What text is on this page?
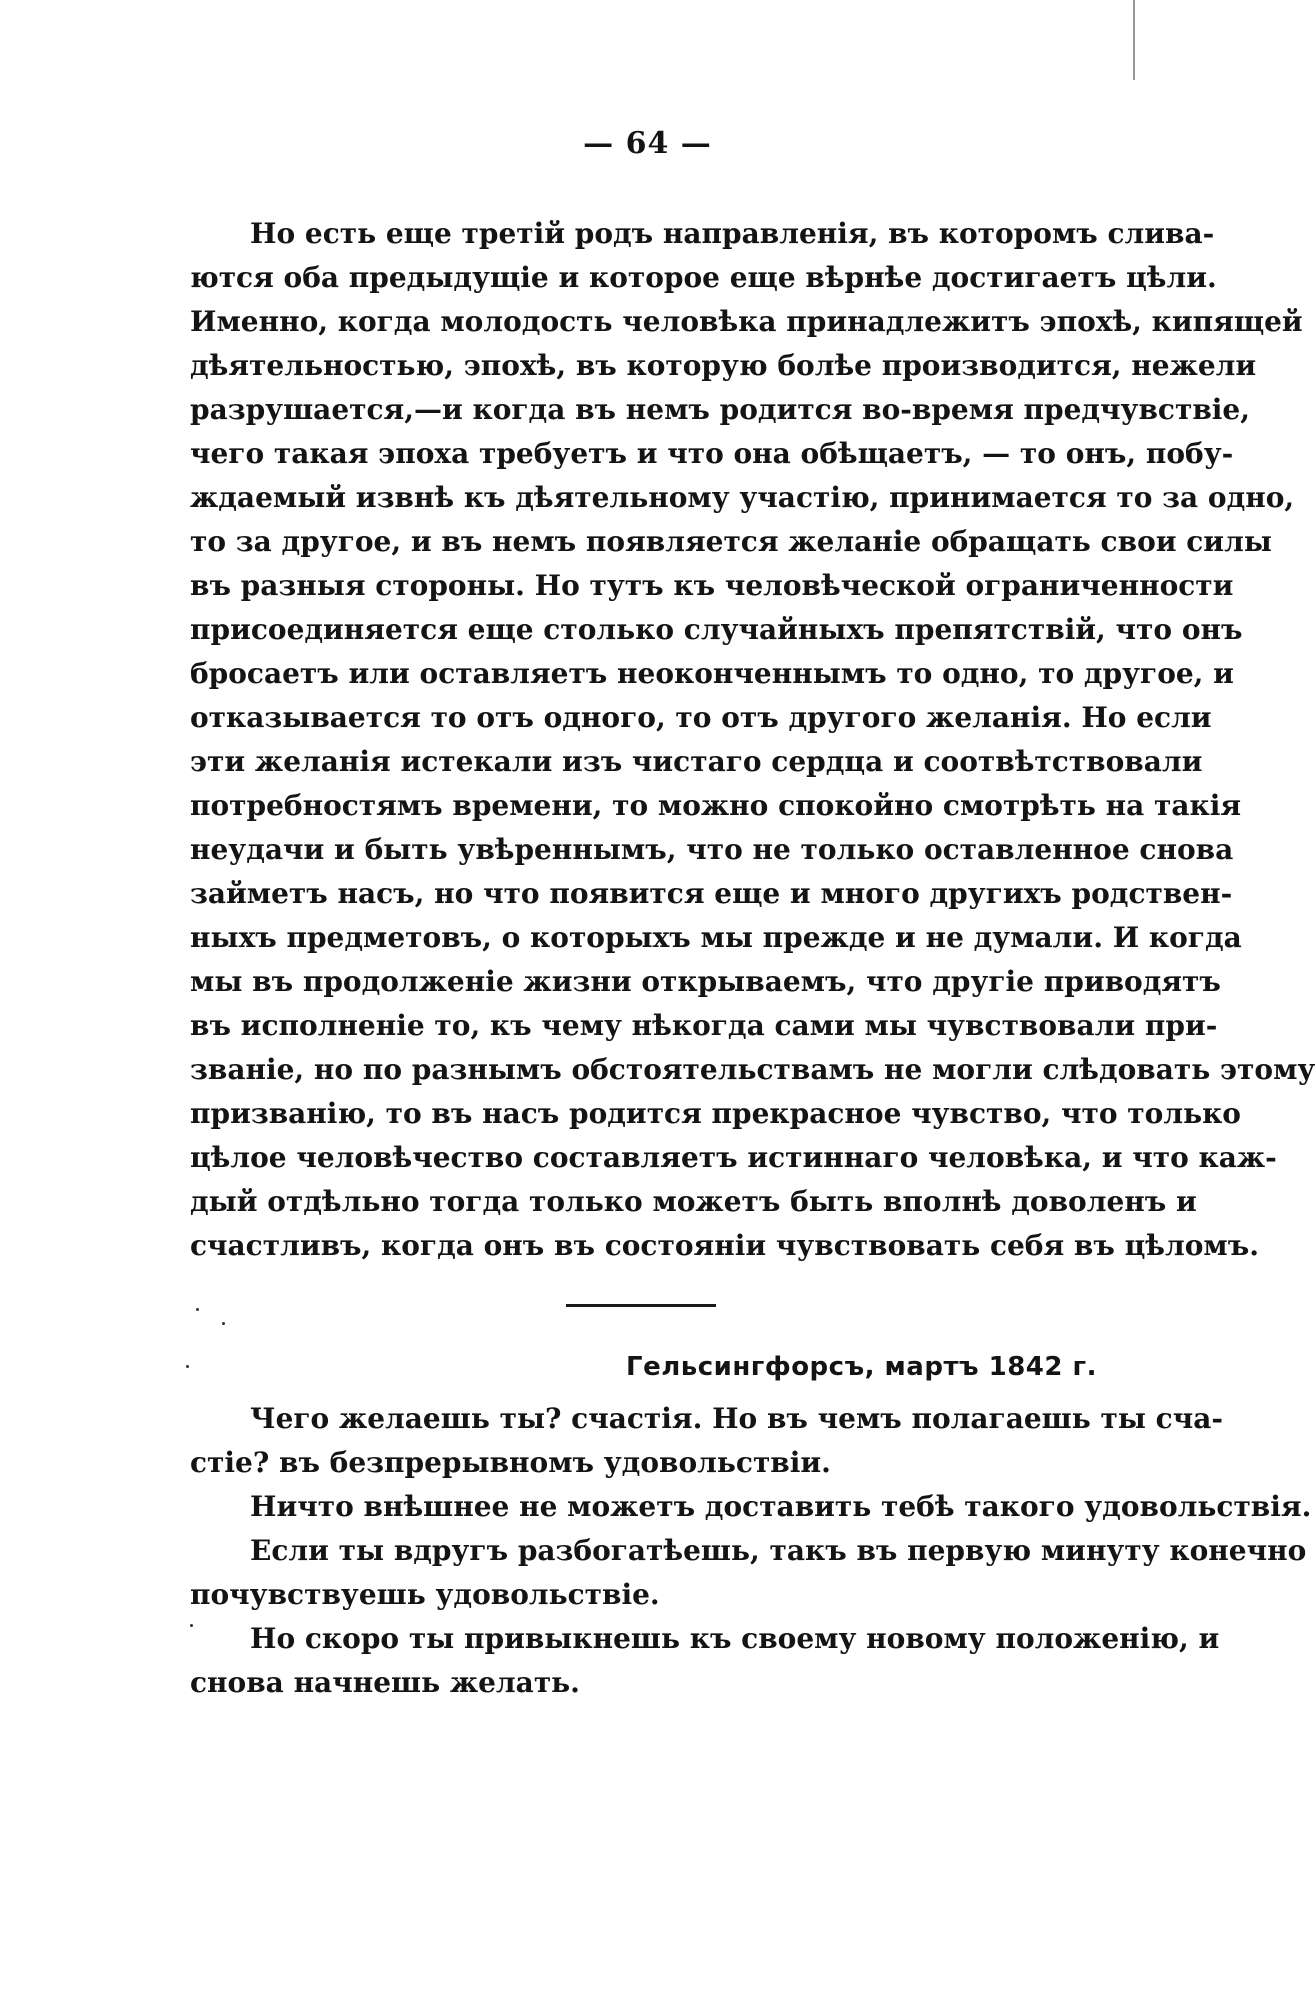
— 64 —
Но есть еще третій родъ направленія, въ которомъ слива-
ются оба предыдущіе и которое еще вѣрнѣе достигаетъ цѣли.
Именно, когда молодость человѣка принадлежитъ эпохѣ, кипящей
дѣятельностью, эпохѣ, въ которую болѣе производится, нежели
разрушается,—и когда въ немъ родится во-время предчувствіе,
чего такая эпоха требуетъ и что она обѣщаетъ, — то онъ, побу-
ждаемый извнѣ къ дѣятельному участію, принимается то за одно,
то за другое, и въ немъ появляется желаніе обращать свои силы
въ разныя стороны. Но тутъ къ человѣческой ограниченности
присоединяется еще столько случайныхъ препятствій, что онъ
бросаетъ или оставляетъ неоконченнымъ то одно, то другое, и
отказывается то отъ одного, то отъ другого желанія. Но если
эти желанія истекали изъ чистаго сердца и соотвѣтствовали
потребностямъ времени, то можно спокойно смотрѣть на такія
неудачи и быть увѣреннымъ, что не только оставленное снова
займетъ насъ, но что появится еще и много другихъ родствен-
ныхъ предметовъ, о которыхъ мы прежде и не думали. И когда
мы въ продолженіе жизни открываемъ, что другіе приводятъ
въ исполненіе то, къ чему нѣкогда сами мы чувствовали при-
званіе, но по разнымъ обстоятельствамъ не могли слѣдовать этому
призванію, то въ насъ родится прекрасное чувство, что только
цѣлое человѣчество составляетъ истиннаго человѣка, и что каж-
дый отдѣльно тогда только можетъ быть вполнѣ доволенъ и
счастливъ, когда онъ въ состояніи чувствовать себя въ цѣломъ.
Гельсингфорсъ, мартъ 1842 г.
Чего желаешь ты? счастія. Но въ чемъ полагаешь ты сча-
стіе? въ безпрерывномъ удовольствіи.
Ничто внѣшнее не можетъ доставить тебѣ такого удовольствія.
Если ты вдругъ разбогатѣешь, такъ въ первую минуту конечно
почувствуешь удовольствіе.
Но скоро ты привыкнешь къ своему новому положенію, и
снова начнешь желать.
